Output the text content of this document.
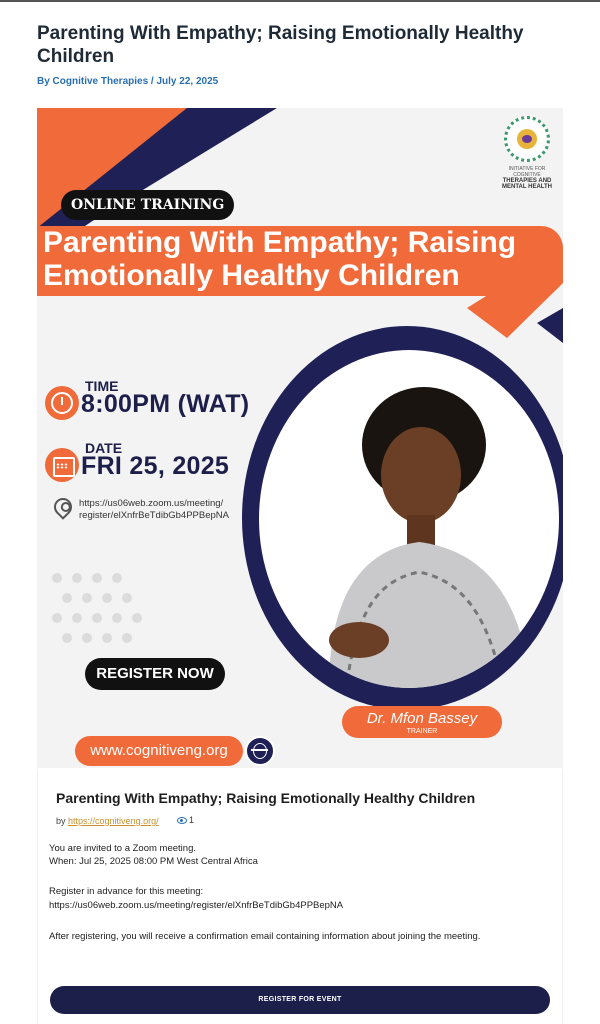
Parenting With Empathy; Raising Emotionally Healthy Children
By Cognitive Therapies / July 22, 2025
INITIATIVE FOR COGNITIVE
THERAPIES AND
MENTAL HEALTH
ONLINE TRAINING
Parenting With Empathy; Raising
Emotionally Healthy Children
TIME
8:00PM (WAT)
DATE
FRI 25, 2025
https://us06web.zoom.us/meeting/
register/elXnfrBeTdibGb4PPBepNA
REGISTER NOW
Dr. Mfon Bassey
TRAINER
www.cognitiveng.org
Parenting With Empathy; Raising Emotionally Healthy Children
by https://cognitiveng.org/	1
You are invited to a Zoom meeting.
When: Jul 25, 2025 08:00 PM West Central Africa
Register in advance for this meeting:
https://us06web.zoom.us/meeting/register/elXnfrBeTdibGb4PPBepNA
After registering, you will receive a confirmation email containing information about joining the meeting.
REGISTER FOR EVENT
